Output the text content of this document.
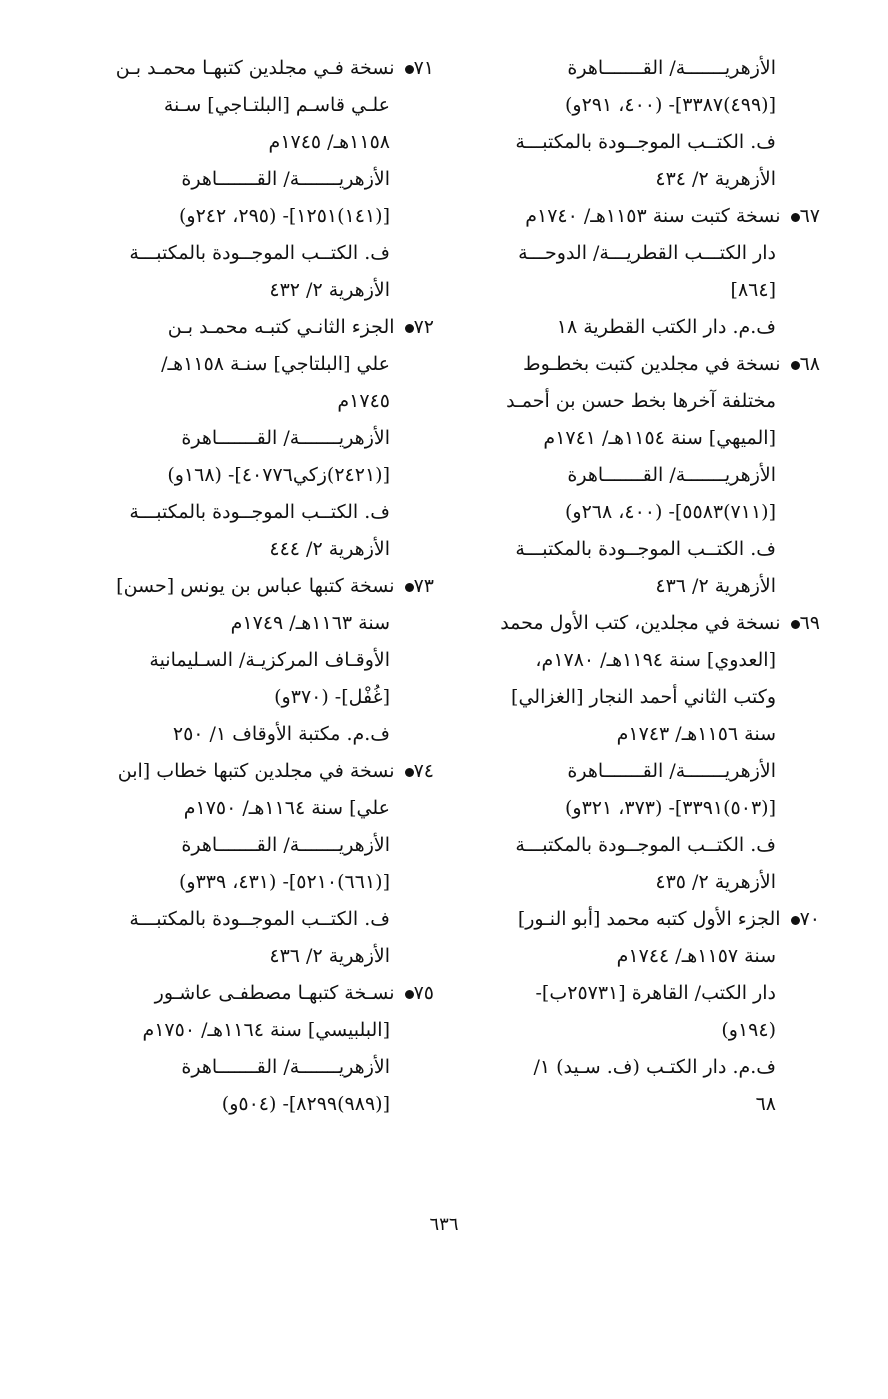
الأزهريـــــــة/ القـــــــاهرة
[(٤٩٩)٣٣٨٧]- (٤٠٠، ٢٩١و)
ف. الكتــب الموجــودة بالمكتبـــة
الأزهرية ٢/ ٤٣٤
٦٧ نسخة كتبت سنة ١١٥٣هـ/ ١٧٤٠م
دار الكتـــب القطريـــة/ الدوحـــة
[٨٦٤]
ف.م. دار الكتب القطرية ١٨
٦٨ نسخة في مجلدين كتبت بخطـوط
مختلفة آخرها بخط حسن بن أحمـد
[الميهي] سنة ١١٥٤هـ/ ١٧٤١م
الأزهريـــــــة/ القـــــــاهرة
[(٧١١)٥٥٨٣]- (٤٠٠، ٢٦٨و)
ف. الكتــب الموجــودة بالمكتبـــة
الأزهرية ٢/ ٤٣٦
٦٩ نسخة في مجلدين، كتب الأول محمد
[العدوي] سنة ١١٩٤هـ/ ١٧٨٠م،
وكتب الثاني أحمد النجار [الغزالي]
سنة ١١٥٦هـ/ ١٧٤٣م
الأزهريـــــــة/ القـــــــاهرة
[(٥٠٣)٣٣٩١]- (٣٧٣، ٣٢١و)
ف. الكتــب الموجــودة بالمكتبـــة
الأزهرية ٢/ ٤٣٥
٧٠ الجزء الأول كتبه محمد [أبو النـور]
سنة ١١٥٧هـ/ ١٧٤٤م
دار الكتب/ القاهرة [٢٥٧٣١ب]-
(١٩٤و)
ف.م. دار الكتـب (ف. سـيد) ١/
٦٨
٧١ نسخة فـي مجلدين كتبهـا محمـد بـن
علـي قاسـم [البلتـاجي] سـنة
١١٥٨هـ/ ١٧٤٥م
الأزهريـــــــة/ القـــــــاهرة
[(١٤١)١٢٥١]- (٢٩٥، ٢٤٢و)
ف. الكتــب الموجــودة بالمكتبـــة
الأزهرية ٢/ ٤٣٢
٧٢ الجزء الثانـي كتبـه محمـد بـن
علي [البلتاجي] سنـة ١١٥٨هـ/
١٧٤٥م
الأزهريـــــــة/ القـــــــاهرة
[(٢٤٢١)زكي٤٠٧٧٦]- (١٦٨و)
ف. الكتــب الموجــودة بالمكتبـــة
الأزهرية ٢/ ٤٤٤
٧٣ نسخة كتبها عباس بن يونس [حسن]
سنة ١١٦٣هـ/ ١٧٤٩م
الأوقـاف المركزيـة/ السـليمانية
[غُفْل]- (٣٧٠و)
ف.م. مكتبة الأوقاف ١/ ٢٥٠
٧٤ نسخة في مجلدين كتبها خطاب [ابن
علي] سنة ١١٦٤هـ/ ١٧٥٠م
الأزهريـــــــة/ القـــــــاهرة
[(٦٦١)٥٢١٠]- (٤٣١، ٣٣٩و)
ف. الكتــب الموجــودة بالمكتبـــة
الأزهرية ٢/ ٤٣٦
٧٥ نسـخة كتبهـا مصطفـى عاشـور
[البلبيسي] سنة ١١٦٤هـ/ ١٧٥٠م
الأزهريـــــــة/ القـــــــاهرة
[(٩٨٩)٨٢٩٩]- (٥٠٤و)
٦٣٦
